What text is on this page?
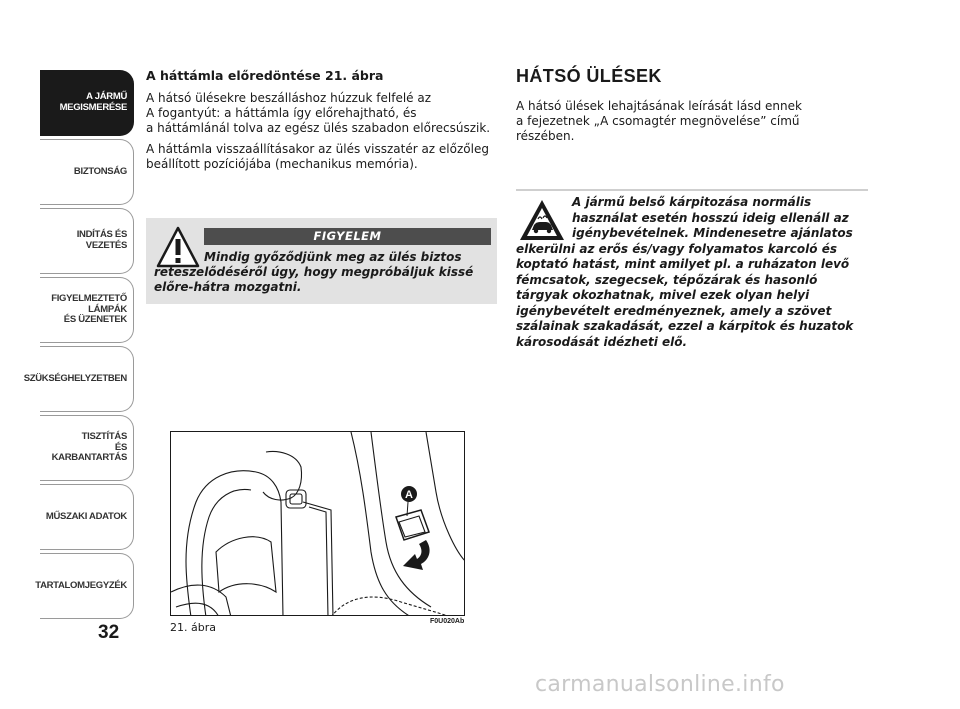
A JÁRMŰ
MEGISMERÉSE
BIZTONSÁG
INDÍTÁS ÉS VEZETÉS
FIGYELMEZTETŐ
LÁMPÁK
ÉS ÜZENETEK
SZÜKSÉGHELYZETBEN
TISZTÍTÁS
ÉS KARBANTARTÁS
MŰSZAKI ADATOK
TARTALOMJEGYZÉK
32
A háttámla előredöntése 21. ábra

A hátsó ülésekre beszálláshoz húzzuk felfelé az
A fogantyút: a háttámla így előrehajtható, és
a háttámlánál tolva az egész ülés szabadon előrecsúszik.

A háttámla visszaállításakor az ülés visszatér az előzőleg beállított pozíciójába (mechanikus memória).

FIGYELEM
Mindig győződjünk meg az ülés biztos reteszelődéséről úgy, hogy megpróbáljuk kissé előre-hátra mozgatni.
HÁTSÓ ÜLÉSEK

A hátsó ülések lehajtásának leírását lásd ennek
a fejezetnek „A csomagtér megnövelése” című
részében.

A jármű belső kárpitozása normális
használat esetén hosszú ideig ellenáll az
igénybevételnek. Mindenesetre ajánlatos
elkerülni az erős és/vagy folyamatos karcoló és koptató hatást, mint amilyet pl. a ruházaton levő fémcsatok, szegecsek, tépőzárak és hasonló tárgyak okozhatnak, mivel ezek olyan helyi igénybevételt eredményeznek, amely a szövet szálainak szakadását, ezzel a kárpitok és huzatok károsodását idézheti elő.
A
21. ábra	F0U020Ab
carmanualsonline.info
